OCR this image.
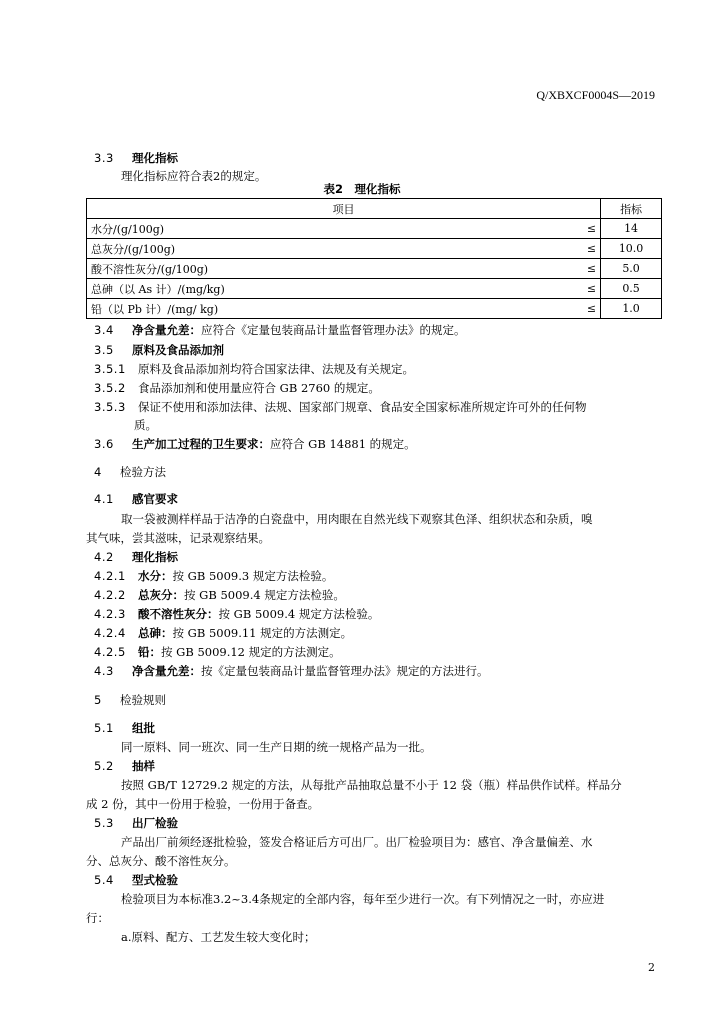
Q/XBXCF0004S—2019
3.3 理化指标
理化指标应符合表2的规定。
表2　理化指标
项目		指标
水分/(g/100g)	≤	14
总灰分/(g/100g)	≤	10.0
酸不溶性灰分/(g/100g)	≤	5.0
总砷（以 As 计）/(mg/kg)	≤	0.5
铅（以 Pb 计）/(mg/ kg)	≤	1.0
3.4 净含量允差：应符合《定量包装商品计量监督管理办法》的规定。
3.5 原料及食品添加剂
3.5.1 原料及食品添加剂均符合国家法律、法规及有关规定。
3.5.2 食品添加剂和使用量应符合 GB 2760 的规定。
3.5.3 保证不使用和添加法律、法规、国家部门规章、食品安全国家标准所规定许可外的任何物
质。
3.6 生产加工过程的卫生要求：应符合 GB 14881 的规定。
4 检验方法
4.1 感官要求
取一袋被测样样品于洁净的白瓷盘中，用肉眼在自然光线下观察其色泽、组织状态和杂质，嗅
其气味，尝其滋味，记录观察结果。
4.2 理化指标
4.2.1 水分：按 GB 5009.3 规定方法检验。
4.2.2 总灰分：按 GB 5009.4 规定方法检验。
4.2.3 酸不溶性灰分：按 GB 5009.4 规定方法检验。
4.2.4 总砷：按 GB 5009.11 规定的方法测定。
4.2.5 铅：按 GB 5009.12 规定的方法测定。
4.3 净含量允差：按《定量包装商品计量监督管理办法》规定的方法进行。
5 检验规则
5.1 组批
同一原料、同一班次、同一生产日期的统一规格产品为一批。
5.2 抽样
按照 GB/T 12729.2 规定的方法，从每批产品抽取总量不小于 12 袋（瓶）样品供作试样。样品分
成 2 份，其中一份用于检验，一份用于备查。
5.3 出厂检验
产品出厂前须经逐批检验，签发合格证后方可出厂。出厂检验项目为：感官、净含量偏差、水
分、总灰分、酸不溶性灰分。
5.4 型式检验
检验项目为本标准3.2~3.4条规定的全部内容，每年至少进行一次。有下列情况之一时，亦应进
行：
a.原料、配方、工艺发生较大变化时；
2
